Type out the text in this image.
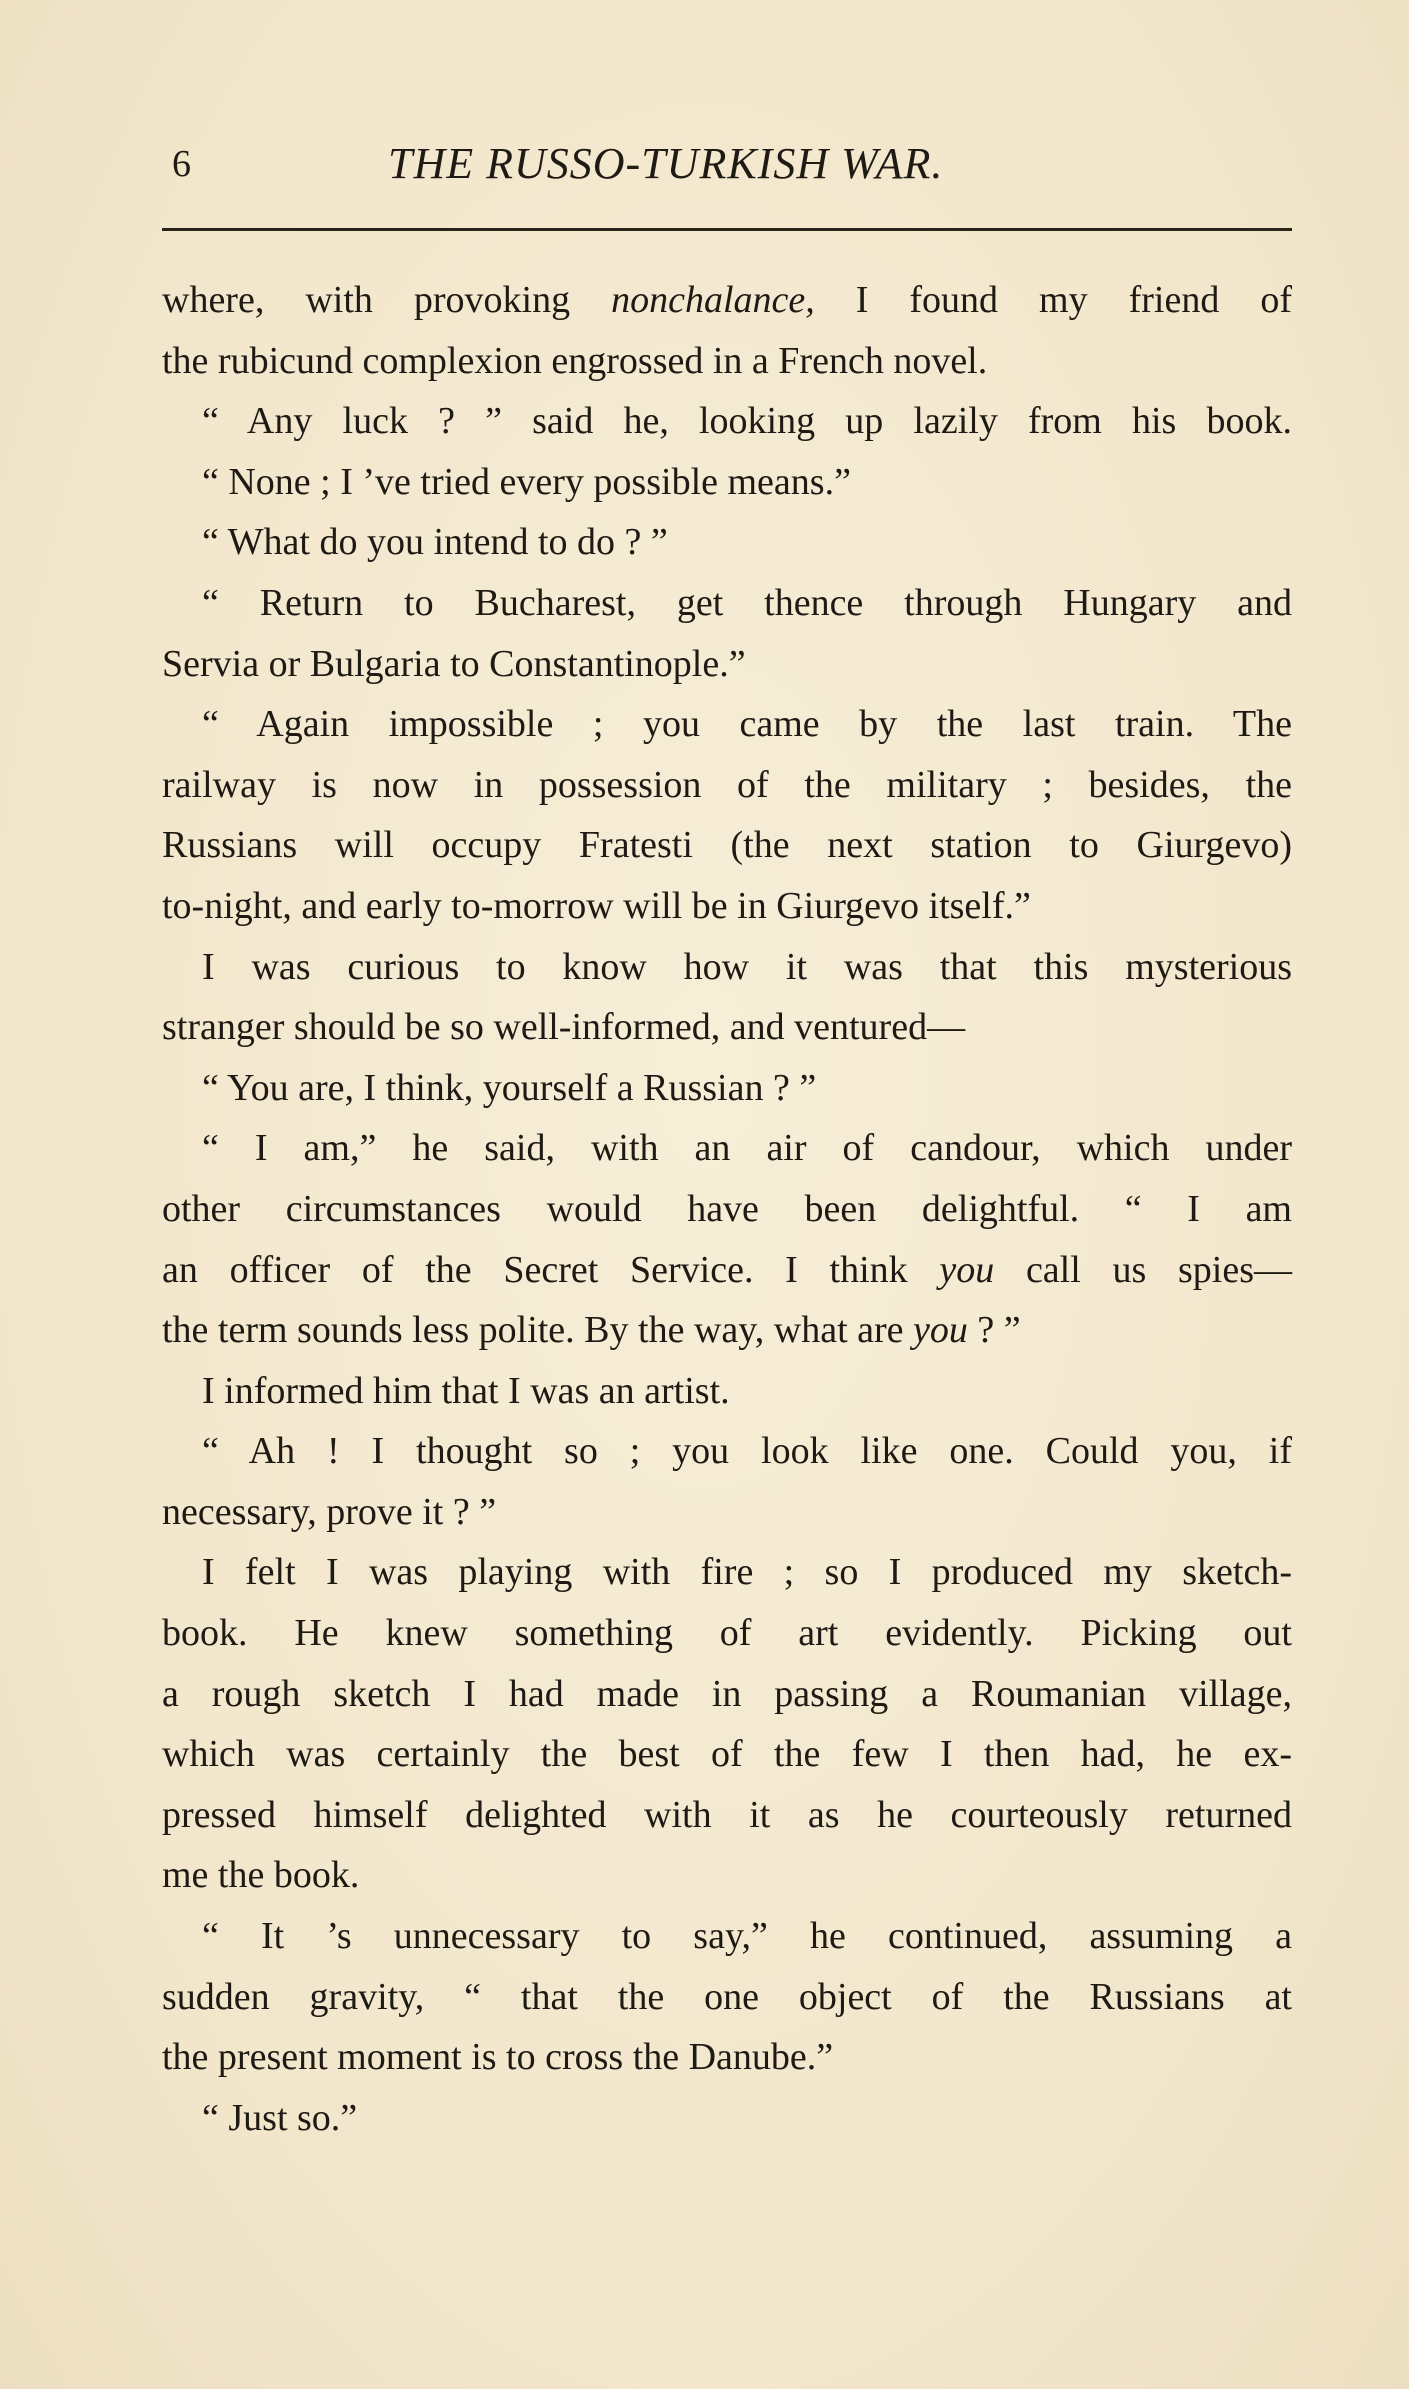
6	THE RUSSO-TURKISH WAR.
where, with provoking nonchalance, I found my friend of
the rubicund complexion engrossed in a French novel.
“ Any luck ? ” said he, looking up lazily from his book.
“ None ; I ’ve tried every possible means.”
“ What do you intend to do ? ”
“ Return to Bucharest, get thence through Hungary and
Servia or Bulgaria to Constantinople.”
“ Again impossible ; you came by the last train. The
railway is now in possession of the military ; besides, the
Russians will occupy Fratesti (the next station to Giurgevo)
to-night, and early to-morrow will be in Giurgevo itself.”
I was curious to know how it was that this mysterious
stranger should be so well-informed, and ventured—
“ You are, I think, yourself a Russian ? ”
“ I am,” he said, with an air of candour, which under
other circumstances would have been delightful. “ I am
an officer of the Secret Service. I think you call us spies—
the term sounds less polite. By the way, what are you ? ”
I informed him that I was an artist.
“ Ah ! I thought so ; you look like one. Could you, if
necessary, prove it ? ”
I felt I was playing with fire ; so I produced my sketch-
book. He knew something of art evidently. Picking out
a rough sketch I had made in passing a Roumanian village,
which was certainly the best of the few I then had, he ex-
pressed himself delighted with it as he courteously returned
me the book.
“ It ’s unnecessary to say,” he continued, assuming a
sudden gravity, “ that the one object of the Russians at
the present moment is to cross the Danube.”
“ Just so.”
